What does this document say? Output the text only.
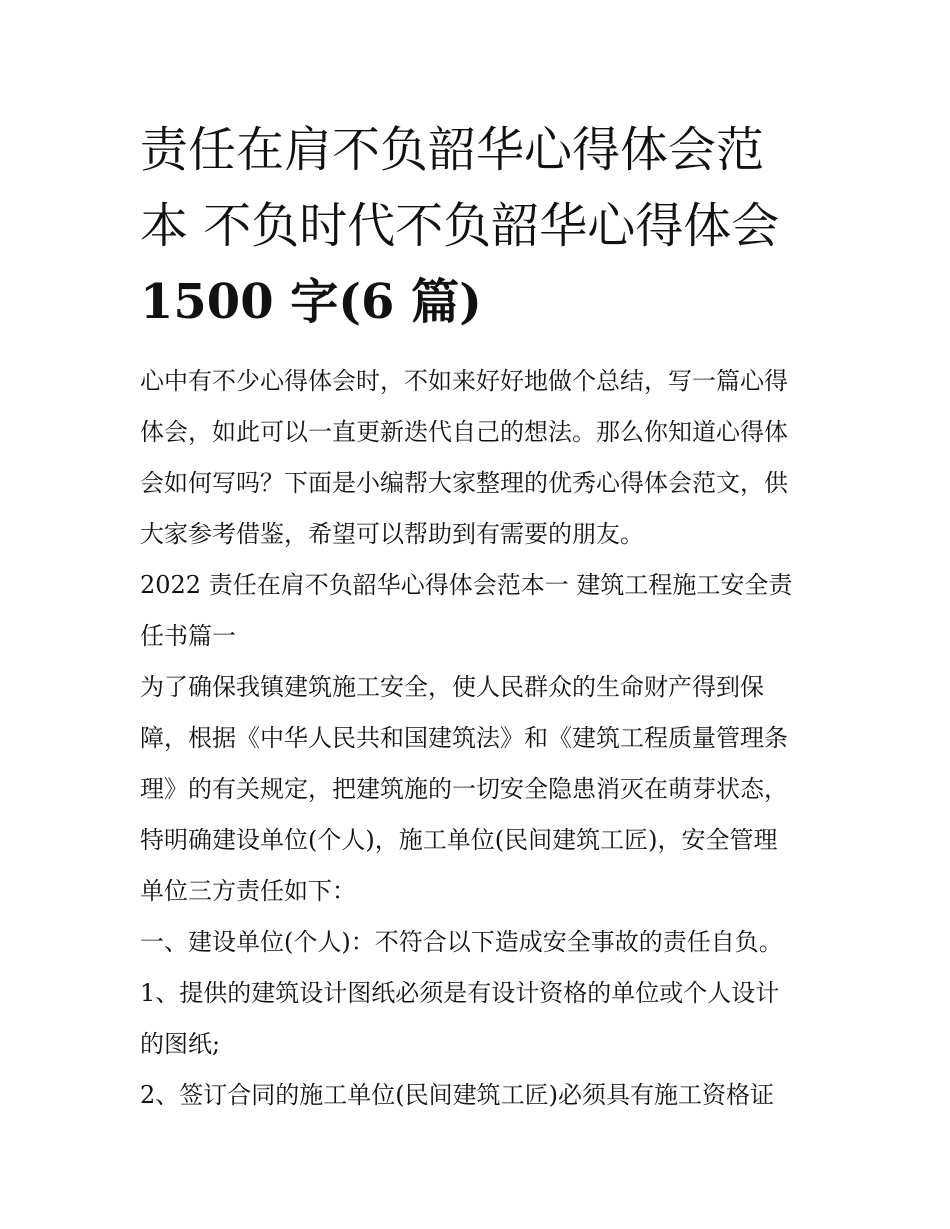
责任在肩不负韶华心得体会范
本 不负时代不负韶华心得体会
1500 字(6 篇)

心中有不少心得体会时，不如来好好地做个总结，写一篇心得
体会，如此可以一直更新迭代自己的想法。那么你知道心得体
会如何写吗？下面是小编帮大家整理的优秀心得体会范文，供
大家参考借鉴，希望可以帮助到有需要的朋友。

2022 责任在肩不负韶华心得体会范本一 建筑工程施工安全责
任书篇一

为了确保我镇建筑施工安全，使人民群众的生命财产得到保
障，根据《中华人民共和国建筑法》和《建筑工程质量管理条
理》的有关规定，把建筑施的一切安全隐患消灭在萌芽状态，
特明确建设单位(个人)，施工单位(民间建筑工匠)，安全管理
单位三方责任如下：

一、建设单位(个人)：不符合以下造成安全事故的责任自负。

1、提供的建筑设计图纸必须是有设计资格的单位或个人设计
的图纸;

2、签订合同的施工单位(民间建筑工匠)必须具有施工资格证
